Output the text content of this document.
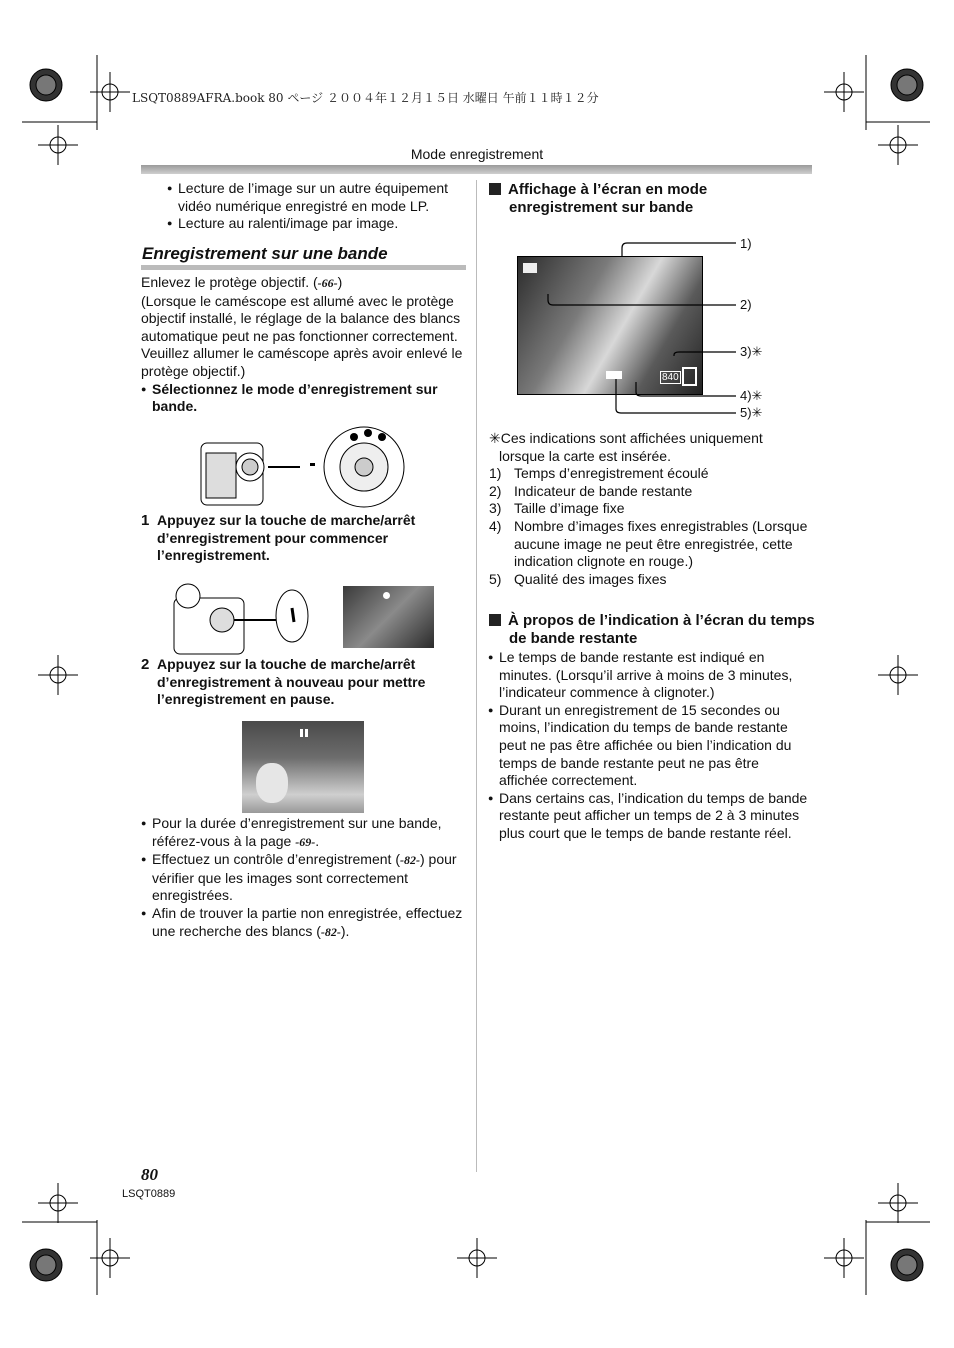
LSQT0889AFRA.book 80 ページ ２００４年１２月１５日 水曜日 午前１１時１２分
Mode enregistrement
● Lecture de l’image sur un autre équipement vidéo numérique enregistré en mode LP.
● Lecture au ralenti/image par image.
Enregistrement sur une bande
Enlevez le protège objectif. (-66-)
(Lorsque le caméscope est allumé avec le protège objectif installé, le réglage de la balance des blancs automatique peut ne pas fonctionner correctement. Veuillez allumer le caméscope après avoir enlevé le protège objectif.)
● Sélectionnez le mode d’enregistrement sur bande.
1 Appuyez sur la touche de marche/arrêt d’enregistrement pour commencer l’enregistrement.
2 Appuyez sur la touche de marche/arrêt d’enregistrement à nouveau pour mettre l’enregistrement en pause.
● Pour la durée d’enregistrement sur une bande, référez-vous à la page -69-.
● Effectuez un contrôle d’enregistrement (-82-) pour vérifier que les images sont correctement enregistrées.
● Afin de trouver la partie non enregistrée, effectuez une recherche des blancs (-82-).
Affichage à l’écran en mode enregistrement sur bande
840
1)
2)
3)✳
4)✳
5)✳
✳Ces indications sont affichées uniquement lorsque la carte est insérée.
1) Temps d’enregistrement écoulé
2) Indicateur de bande restante
3) Taille d’image fixe
4) Nombre d’images fixes enregistrables (Lorsque aucune image ne peut être enregistrée, cette indication clignote en rouge.)
5) Qualité des images fixes
À propos de l’indication à l’écran du temps de bande restante
● Le temps de bande restante est indiqué en minutes. (Lorsqu’il arrive à moins de 3 minutes, l’indicateur commence à clignoter.)
● Durant un enregistrement de 15 secondes ou moins, l’indication du temps de bande restante peut ne pas être affichée ou bien l’indication du temps de bande restante peut ne pas être affichée correctement.
● Dans certains cas, l’indication du temps de bande restante peut afficher un temps de 2 à 3 minutes plus court que le temps de bande restante réel.
80
LSQT0889
